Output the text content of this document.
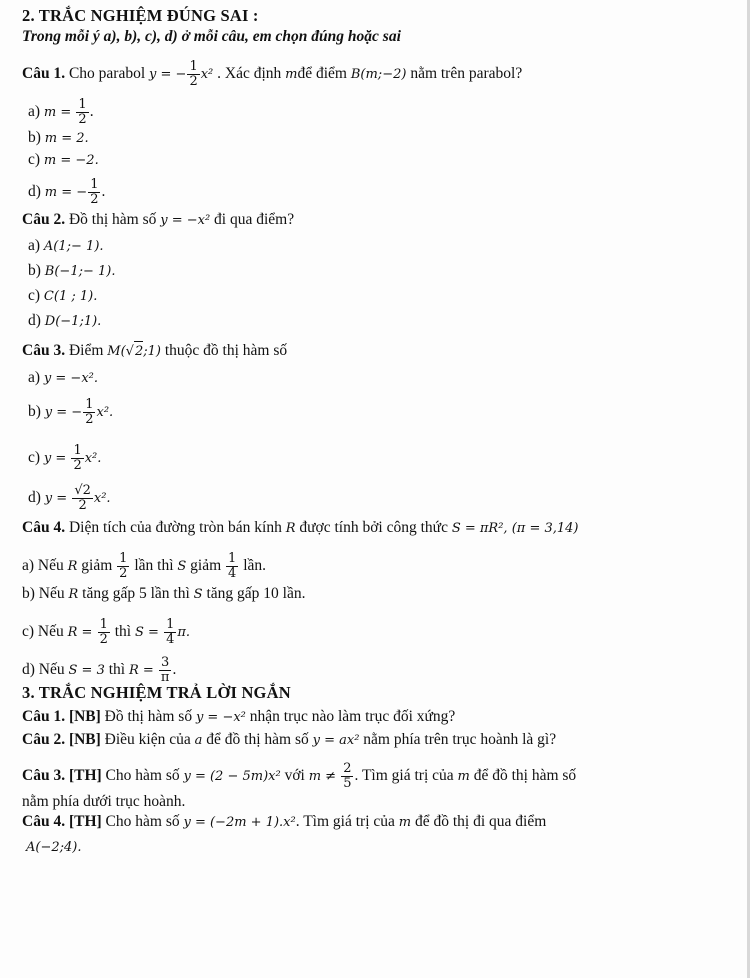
2. TRẮC NGHIỆM ĐÚNG SAI :
Trong mỗi ý a), b), c), d) ở mỗi câu, em chọn đúng hoặc sai
Câu 1. Cho parabol y = − $\frac{1}{2} x^2$ . Xác định mđể điểm B(m;−2) nằm trên parabol?
a) $m = \frac{1}{2}$ .
b) m = 2.
c) m = −2.
d) m = − $\frac{1}{2}$ .
Câu 2. Đồ thị hàm số y = −x² đi qua điểm?
a) A(1;− 1).
b) B(−1;− 1).
c) C(1 ; 1).
d) D(−1;1).
Câu 3. Điểm M(√2;1) thuộc đồ thị hàm số
a) y = −x².
b) y = − $\frac{1}{2} x^2$.
c) $y = \frac{1}{2} x^2$.
d) $y = \frac{√2}{2} x^2$.
Câu 4. Diện tích của đường tròn bán kính R được tính bởi công thức S = πR², (π = 3,14)
a) Nếu R giảm $\frac{1}{2}$ lần thì S giảm $\frac{1}{4}$ lần.
b) Nếu R tăng gấp 5 lần thì S tăng gấp 10 lần.
c) Nếu $R = \frac{1}{2}$ thì $S = \frac{1}{4} \pi$.
d) Nếu S = 3 thì $R = \frac{3}{\pi}$ .
3. TRẮC NGHIỆM TRẢ LỜI NGẮN
Câu 1. [NB] Đồ thị hàm số y = −x² nhận trục nào làm trục đối xứng?
Câu 2. [NB] Điều kiện của a để đồ thị hàm số y = ax² nằm phía trên trục hoành là gì?
Câu 3. [TH] Cho hàm số y = (2 − 5m)x² với $m \ne \frac{2}{5}$ . Tìm giá trị của m để đồ thị hàm số
nằm phía dưới trục hoành.
Câu 4. [TH] Cho hàm số y = (−2m + 1).x². Tìm giá trị của m để đồ thị đi qua điểm
A(−2;4).
